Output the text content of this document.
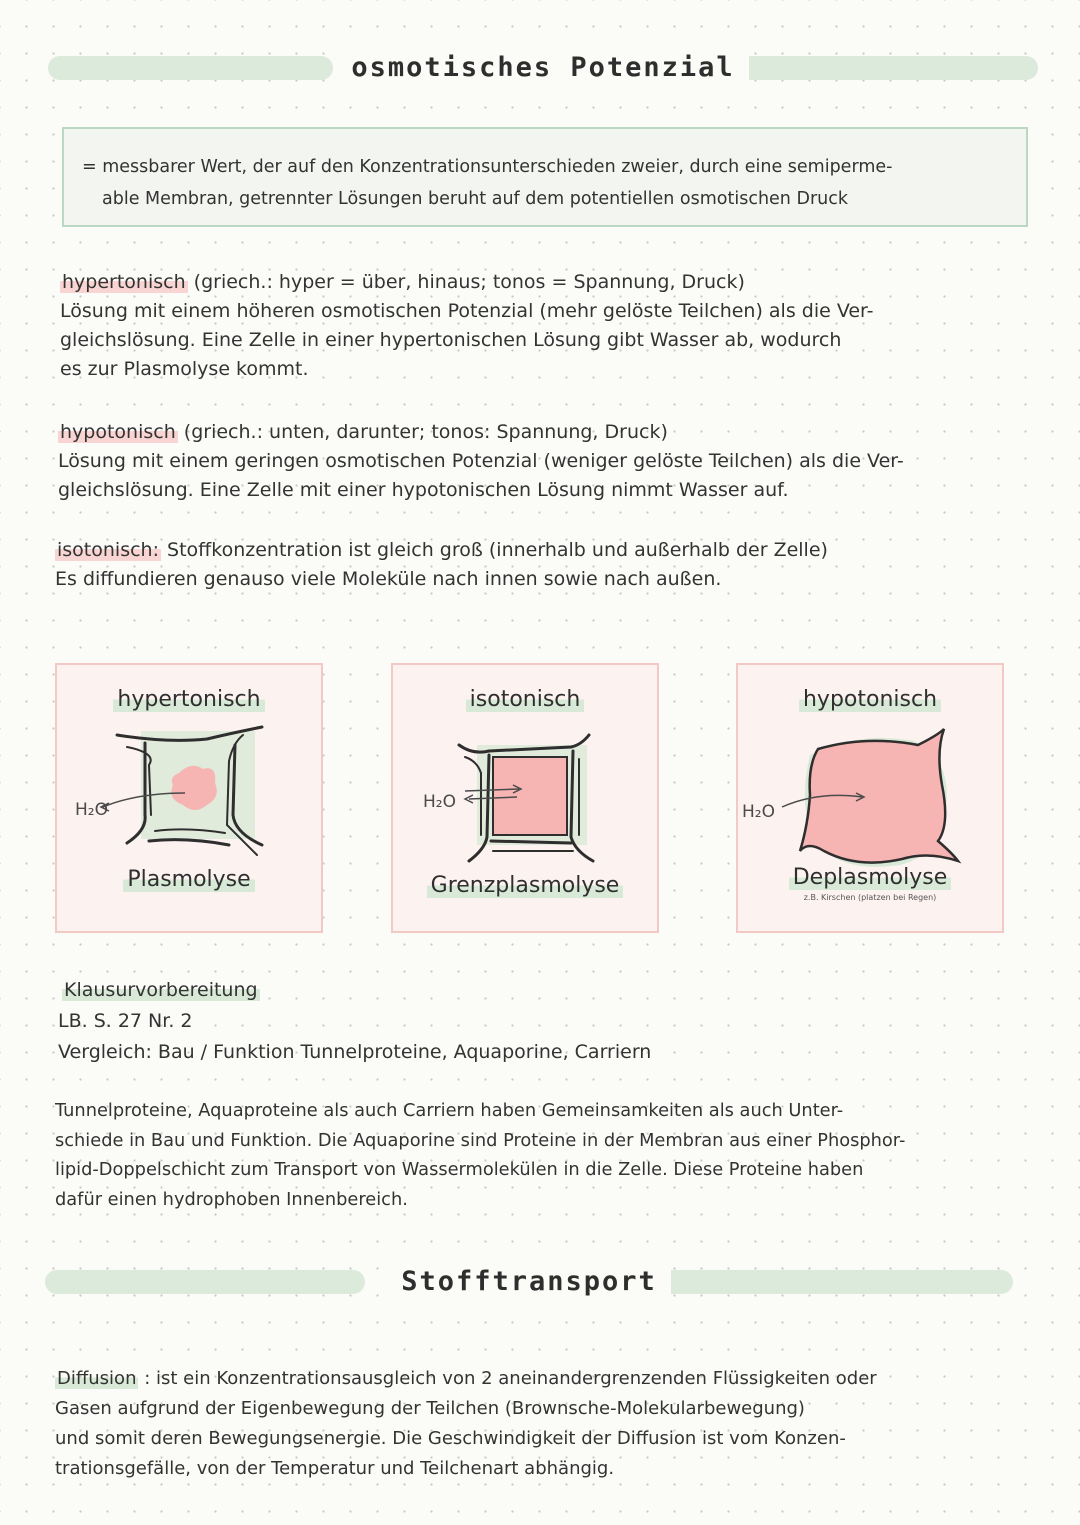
osmotisches Potenzial
= messbarer Wert, der auf den Konzentrationsunterschieden zweier, durch eine semiperme-
able Membran, getrennter Lösungen beruht auf dem potentiellen osmotischen Druck
hypertonisch (griech.: hyper = über, hinaus; tonos = Spannung, Druck)
Lösung mit einem höheren osmotischen Potenzial (mehr gelöste Teilchen) als die Ver-
gleichslösung. Eine Zelle in einer hypertonischen Lösung gibt Wasser ab, wodurch
es zur Plasmolyse kommt.
hypotonisch (griech.: unten, darunter; tonos: Spannung, Druck)
Lösung mit einem geringen osmotischen Potenzial (weniger gelöste Teilchen) als die Ver-
gleichslösung. Eine Zelle mit einer hypotonischen Lösung nimmt Wasser auf.
isotonisch: Stoffkonzentration ist gleich groß (innerhalb und außerhalb der Zelle)
Es diffundieren genauso viele Moleküle nach innen sowie nach außen.
hypertonisch
H₂O
Plasmolyse
isotonisch
H₂O
Grenzplasmolyse
hypotonisch
H₂O
Deplasmolyse
z.B. Kirschen (platzen bei Regen)
Klausurvorbereitung
LB. S. 27 Nr. 2
Vergleich: Bau / Funktion Tunnelproteine, Aquaporine, Carriern
Tunnelproteine, Aquaproteine als auch Carriern haben Gemeinsamkeiten als auch Unter-
schiede in Bau und Funktion. Die Aquaporine sind Proteine in der Membran aus einer Phosphor-
lipid-Doppelschicht zum Transport von Wassermolekülen in die Zelle. Diese Proteine haben
dafür einen hydrophoben Innenbereich.
Stofftransport
Diffusion : ist ein Konzentrationsausgleich von 2 aneinandergrenzenden Flüssigkeiten oder
Gasen aufgrund der Eigenbewegung der Teilchen (Brownsche-Molekularbewegung)
und somit deren Bewegungsenergie. Die Geschwindigkeit der Diffusion ist vom Konzen-
trationsgefälle, von der Temperatur und Teilchenart abhängig.
